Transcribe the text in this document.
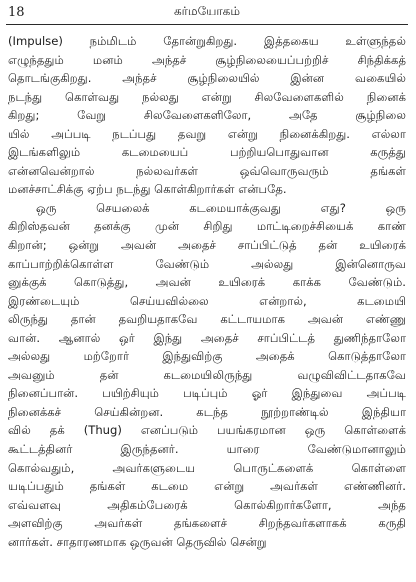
18	கர்மயோகம்
(Impulse) நம்மிடம் தோன்றுகிறது. இத்தகைய உள்ளுந்தல்
எழுந்ததும் மனம் அந்தச் சூழ்நிலையைப்பற்றிச் சிந்திக்கத்
தொடங்குகிறது. அந்தச் சூழ்நிலையில் இன்ன வகையில்
நடந்து கொள்வது நல்லது என்று சிலவேளைகளில் நினைக்
கிறது; வேறு சிலவேளைகளிலோ, அதே சூழ்நிலை
யில் அப்படி நடப்பது தவறு என்று நினைக்கிறது. எல்லா
இடங்களிலும் கடமையைப் பற்றியபொதுவான கருத்து
என்னவென்றால் நல்லவர்கள் ஒவ்வொருவரும் தங்கள்
மனச்சாட்சிக்கு ஏற்ப நடந்து கொள்கிறார்கள் என்பதே.
ஒரு செயலைக் கடமையாக்குவது எது? ஒரு
கிறிஸ்தவன் தனக்கு முன் சிறிது மாட்டிறைச்சியைக் காண்
கிறான்; ஒன்று அவன் அதைச் சாப்பிட்டுத் தன் உயிரைக்
காப்பாற்றிக்கொள்ள வேண்டும் அல்லது இன்னொருவ
னுக்குக் கொடுத்து, அவன் உயிரைக் காக்க வேண்டும்.
இரண்டையும் செய்யவில்லை என்றால், கடமையி
லிருந்து தான் தவறியதாகவே கட்டாயமாக அவன் எண்ணு
வான். ஆனால் ஒர் இந்து அதைச் சாப்பிட்டத் துணிந்தாலோ
அல்லது மற்றோர் இந்துவிற்கு அதைக் கொடுத்தாலோ
அவனும் தன் கடமையிலிருந்து வழுவிவிட்டதாகவே
நினைப்பான். பயிற்சியும் படிப்பும் ஓர் இந்துவை அப்படி
நினைக்கச் செய்கின்றன. கடந்த நூற்றாண்டில் இந்தியா
வில் தக் (Thug) எனப்படும் பயங்கரமான ஒரு கொள்ளைக்
கூட்டத்தினர் இருந்தனர். யாரை வேண்டுமானாலும்
கொல்வதும், அவர்களுடைய பொருட்களைக் கொள்ளை
யடிப்பதும் தங்கள் கடமை என்று அவர்கள் எண்ணினர்.
எவ்வளவு அதிகம்பேரைக் கொல்கிறார்களோ, அந்த
அளவிற்கு அவர்கள் தங்களைச் சிறந்தவர்களாகக் கருதி
னார்கள். சாதாரணமாக ஒருவன் தெருவில் சென்று
